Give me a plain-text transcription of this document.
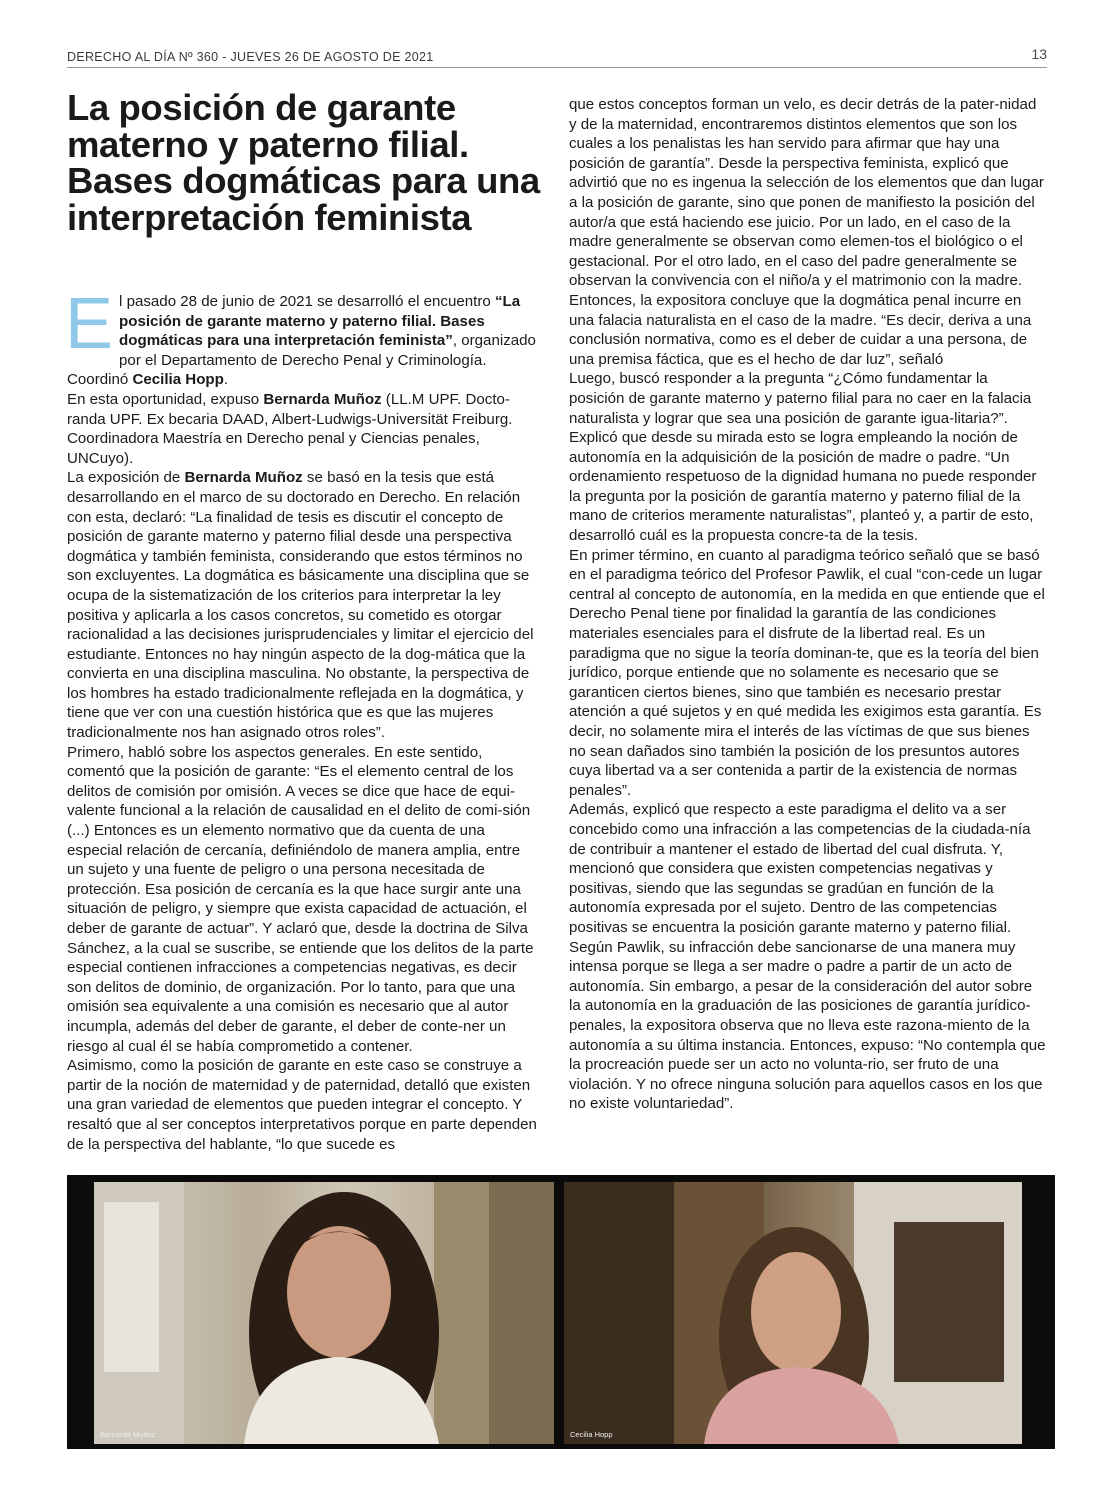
DERECHO AL DÍA Nº 360 - JUEVES 26 DE AGOSTO DE 2021	13
La posición de garante materno y paterno filial. Bases dogmáticas para una interpretación feminista

El pasado 28 de junio de 2021 se desarrolló el encuentro “La posición de garante materno y paterno filial. Bases dogmáticas para una interpretación feminista”, organizado por el Departamento de Derecho Penal y Criminología. Coordinó Cecilia Hopp.

En esta oportunidad, expuso Bernarda Muñoz (LL.M UPF. Docto-randa UPF. Ex becaria DAAD, Albert-Ludwigs-Universität Freiburg. Coordinadora Maestría en Derecho penal y Ciencias penales, UNCuyo).

La exposición de Bernarda Muñoz se basó en la tesis que está desarrollando en el marco de su doctorado en Derecho. En relación con esta, declaró: “La finalidad de tesis es discutir el concepto de posición de garante materno y paterno filial desde una perspectiva dogmática y también feminista, considerando que estos términos no son excluyentes. La dogmática es básicamente una disciplina que se ocupa de la sistematización de los criterios para interpretar la ley positiva y aplicarla a los casos concretos, su cometido es otorgar racionalidad a las decisiones jurisprudenciales y limitar el ejercicio del estudiante. Entonces no hay ningún aspecto de la dog-mática que la convierta en una disciplina masculina. No obstante, la perspectiva de los hombres ha estado tradicionalmente reflejada en la dogmática, y tiene que ver con una cuestión histórica que es que las mujeres tradicionalmente nos han asignado otros roles”.

Primero, habló sobre los aspectos generales. En este sentido, comentó que la posición de garante: “Es el elemento central de los delitos de comisión por omisión. A veces se dice que hace de equi-valente funcional a la relación de causalidad en el delito de comi-sión (...) Entonces es un elemento normativo que da cuenta de una especial relación de cercanía, definiéndolo de manera amplia, entre un sujeto y una fuente de peligro o una persona necesitada de protección. Esa posición de cercanía es la que hace surgir ante una situación de peligro, y siempre que exista capacidad de actuación, el deber de garante de actuar”. Y aclaró que, desde la doctrina de Silva Sánchez, a la cual se suscribe, se entiende que los delitos de la parte especial contienen infracciones a competencias negativas, es decir son delitos de dominio, de organización. Por lo tanto, para que una omisión sea equivalente a una comisión es necesario que al autor incumpla, además del deber de garante, el deber de conte-ner un riesgo al cual él se había comprometido a contener.

Asimismo, como la posición de garante en este caso se construye a partir de la noción de maternidad y de paternidad, detalló que existen una gran variedad de elementos que pueden integrar el concepto. Y resaltó que al ser conceptos interpretativos porque en parte dependen de la perspectiva del hablante, “lo que sucede es

que estos conceptos forman un velo, es decir detrás de la pater-nidad y de la maternidad, encontraremos distintos elementos que son los cuales a los penalistas les han servido para afirmar que hay una posición de garantía”. Desde la perspectiva feminista, explicó que advirtió que no es ingenua la selección de los elementos que dan lugar a la posición de garante, sino que ponen de manifiesto la posición del autor/a que está haciendo ese juicio. Por un lado, en el caso de la madre generalmente se observan como elemen-tos el biológico o el gestacional. Por el otro lado, en el caso del padre generalmente se observan la convivencia con el niño/a y el matrimonio con la madre. Entonces, la expositora concluye que la dogmática penal incurre en una falacia naturalista en el caso de la madre. “Es decir, deriva a una conclusión normativa, como es el deber de cuidar a una persona, de una premisa fáctica, que es el hecho de dar luz”, señaló

Luego, buscó responder a la pregunta “¿Cómo fundamentar la posición de garante materno y paterno filial para no caer en la falacia naturalista y lograr que sea una posición de garante igua-litaria?”. Explicó que desde su mirada esto se logra empleando la noción de autonomía en la adquisición de la posición de madre o padre. “Un ordenamiento respetuoso de la dignidad humana no puede responder la pregunta por la posición de garantía materno y paterno filial de la mano de criterios meramente naturalistas”, planteó y, a partir de esto, desarrolló cuál es la propuesta concre-ta de la tesis.

En primer término, en cuanto al paradigma teórico señaló que se basó en el paradigma teórico del Profesor Pawlik, el cual “con-cede un lugar central al concepto de autonomía, en la medida en que entiende que el Derecho Penal tiene por finalidad la garantía de las condiciones materiales esenciales para el disfrute de la libertad real. Es un paradigma que no sigue la teoría dominan-te, que es la teoría del bien jurídico, porque entiende que no solamente es necesario que se garanticen ciertos bienes, sino que también es necesario prestar atención a qué sujetos y en qué medida les exigimos esta garantía. Es decir, no solamente mira el interés de las víctimas de que sus bienes no sean dañados sino también la posición de los presuntos autores cuya libertad va a ser contenida a partir de la existencia de normas penales”.

Además, explicó que respecto a este paradigma el delito va a ser concebido como una infracción a las competencias de la ciudada-nía de contribuir a mantener el estado de libertad del cual disfruta. Y, mencionó que considera que existen competencias negativas y positivas, siendo que las segundas se gradúan en función de la autonomía expresada por el sujeto. Dentro de las competencias positivas se encuentra la posición garante materno y paterno filial. Según Pawlik, su infracción debe sancionarse de una manera muy intensa porque se llega a ser madre o padre a partir de un acto de autonomía. Sin embargo, a pesar de la consideración del autor sobre la autonomía en la graduación de las posiciones de garantía jurídico-penales, la expositora observa que no lleva este razona-miento de la autonomía a su última instancia. Entonces, expuso: “No contempla que la procreación puede ser un acto no volunta-rio, ser fruto de una violación. Y no ofrece ninguna solución para aquellos casos en los que no existe voluntariedad”.

Bernarda Muñoz	Cecilia Hopp
